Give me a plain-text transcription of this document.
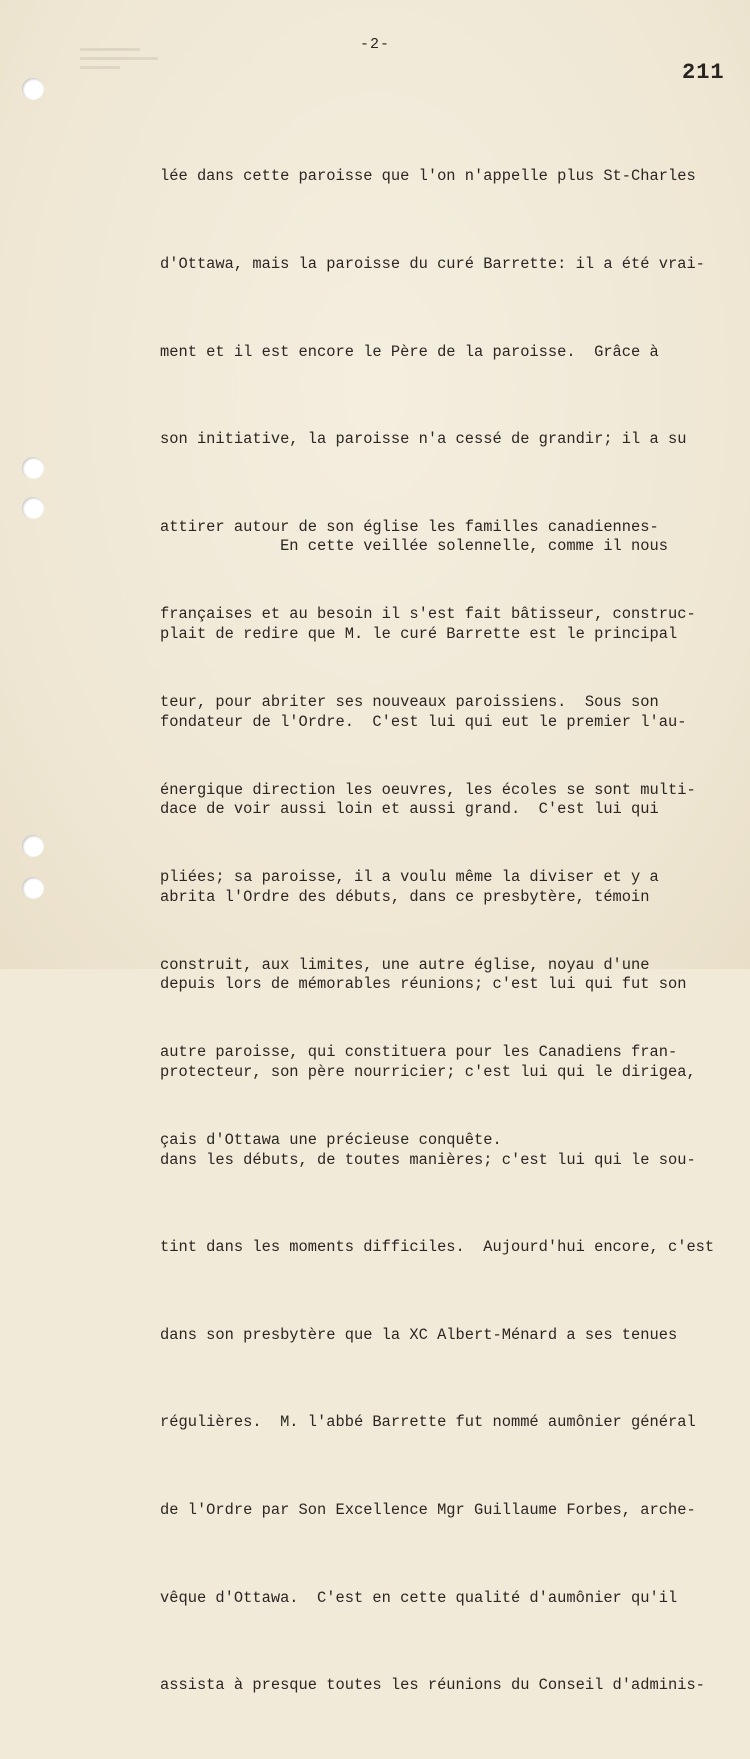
-2-
211

lée dans cette paroisse que l'on n'appelle plus St-Charles

d'Ottawa, mais la paroisse du curé Barrette: il a été vrai-

ment et il est encore le Père de la paroisse.  Grâce à

son initiative, la paroisse n'a cessé de grandir; il a su

attirer autour de son église les familles canadiennes-

françaises et au besoin il s'est fait bâtisseur, construc-

teur, pour abriter ses nouveaux paroissiens.  Sous son

énergique direction les oeuvres, les écoles se sont multi-

pliées; sa paroisse, il a voulu même la diviser et y a

construit, aux limites, une autre église, noyau d'une

autre paroisse, qui constituera pour les Canadiens fran-

çais d'Ottawa une précieuse conquête.

En cette veillée solennelle, comme il nous

plait de redire que M. le curé Barrette est le principal

fondateur de l'Ordre.  C'est lui qui eut le premier l'au-

dace de voir aussi loin et aussi grand.  C'est lui qui

abrita l'Ordre des débuts, dans ce presbytère, témoin

depuis lors de mémorables réunions; c'est lui qui fut son

protecteur, son père nourricier; c'est lui qui le dirigea,

dans les débuts, de toutes manières; c'est lui qui le sou-

tint dans les moments difficiles.  Aujourd'hui encore, c'est

dans son presbytère que la XC Albert-Ménard a ses tenues

régulières.  M. l'abbé Barrette fut nommé aumônier général

de l'Ordre par Son Excellence Mgr Guillaume Forbes, arche-

vêque d'Ottawa.  C'est en cette qualité d'aumônier qu'il

assista à presque toutes les réunions du Conseil d'adminis-
